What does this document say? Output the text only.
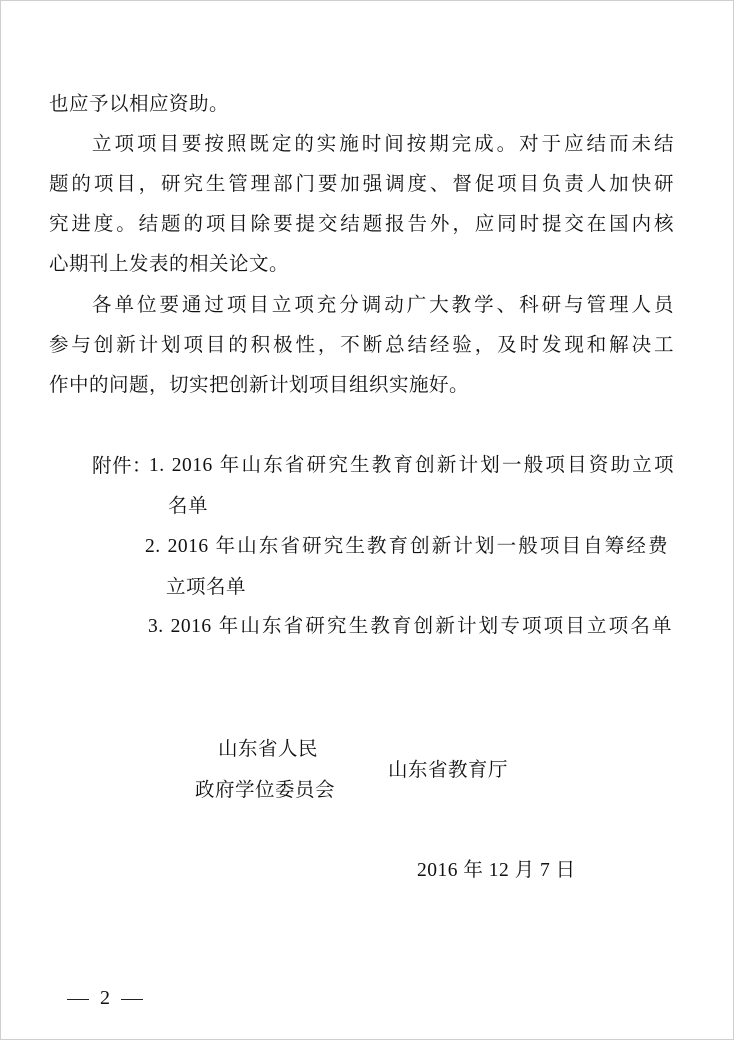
也应予以相应资助。
立项项目要按照既定的实施时间按期完成。对于应结而未结
题的项目，研究生管理部门要加强调度、督促项目负责人加快研
究进度。结题的项目除要提交结题报告外，应同时提交在国内核
心期刊上发表的相关论文。
各单位要通过项目立项充分调动广大教学、科研与管理人员
参与创新计划项目的积极性，不断总结经验，及时发现和解决工
作中的问题，切实把创新计划项目组织实施好。
附件：
1. 2016 年山东省研究生教育创新计划一般项目资助立项
名单
2. 2016 年山东省研究生教育创新计划一般项目自筹经费
立项名单
3. 2016 年山东省研究生教育创新计划专项项目立项名单
山东省人民
政府学位委员会
山东省教育厅
2016 年 12 月 7 日
2
